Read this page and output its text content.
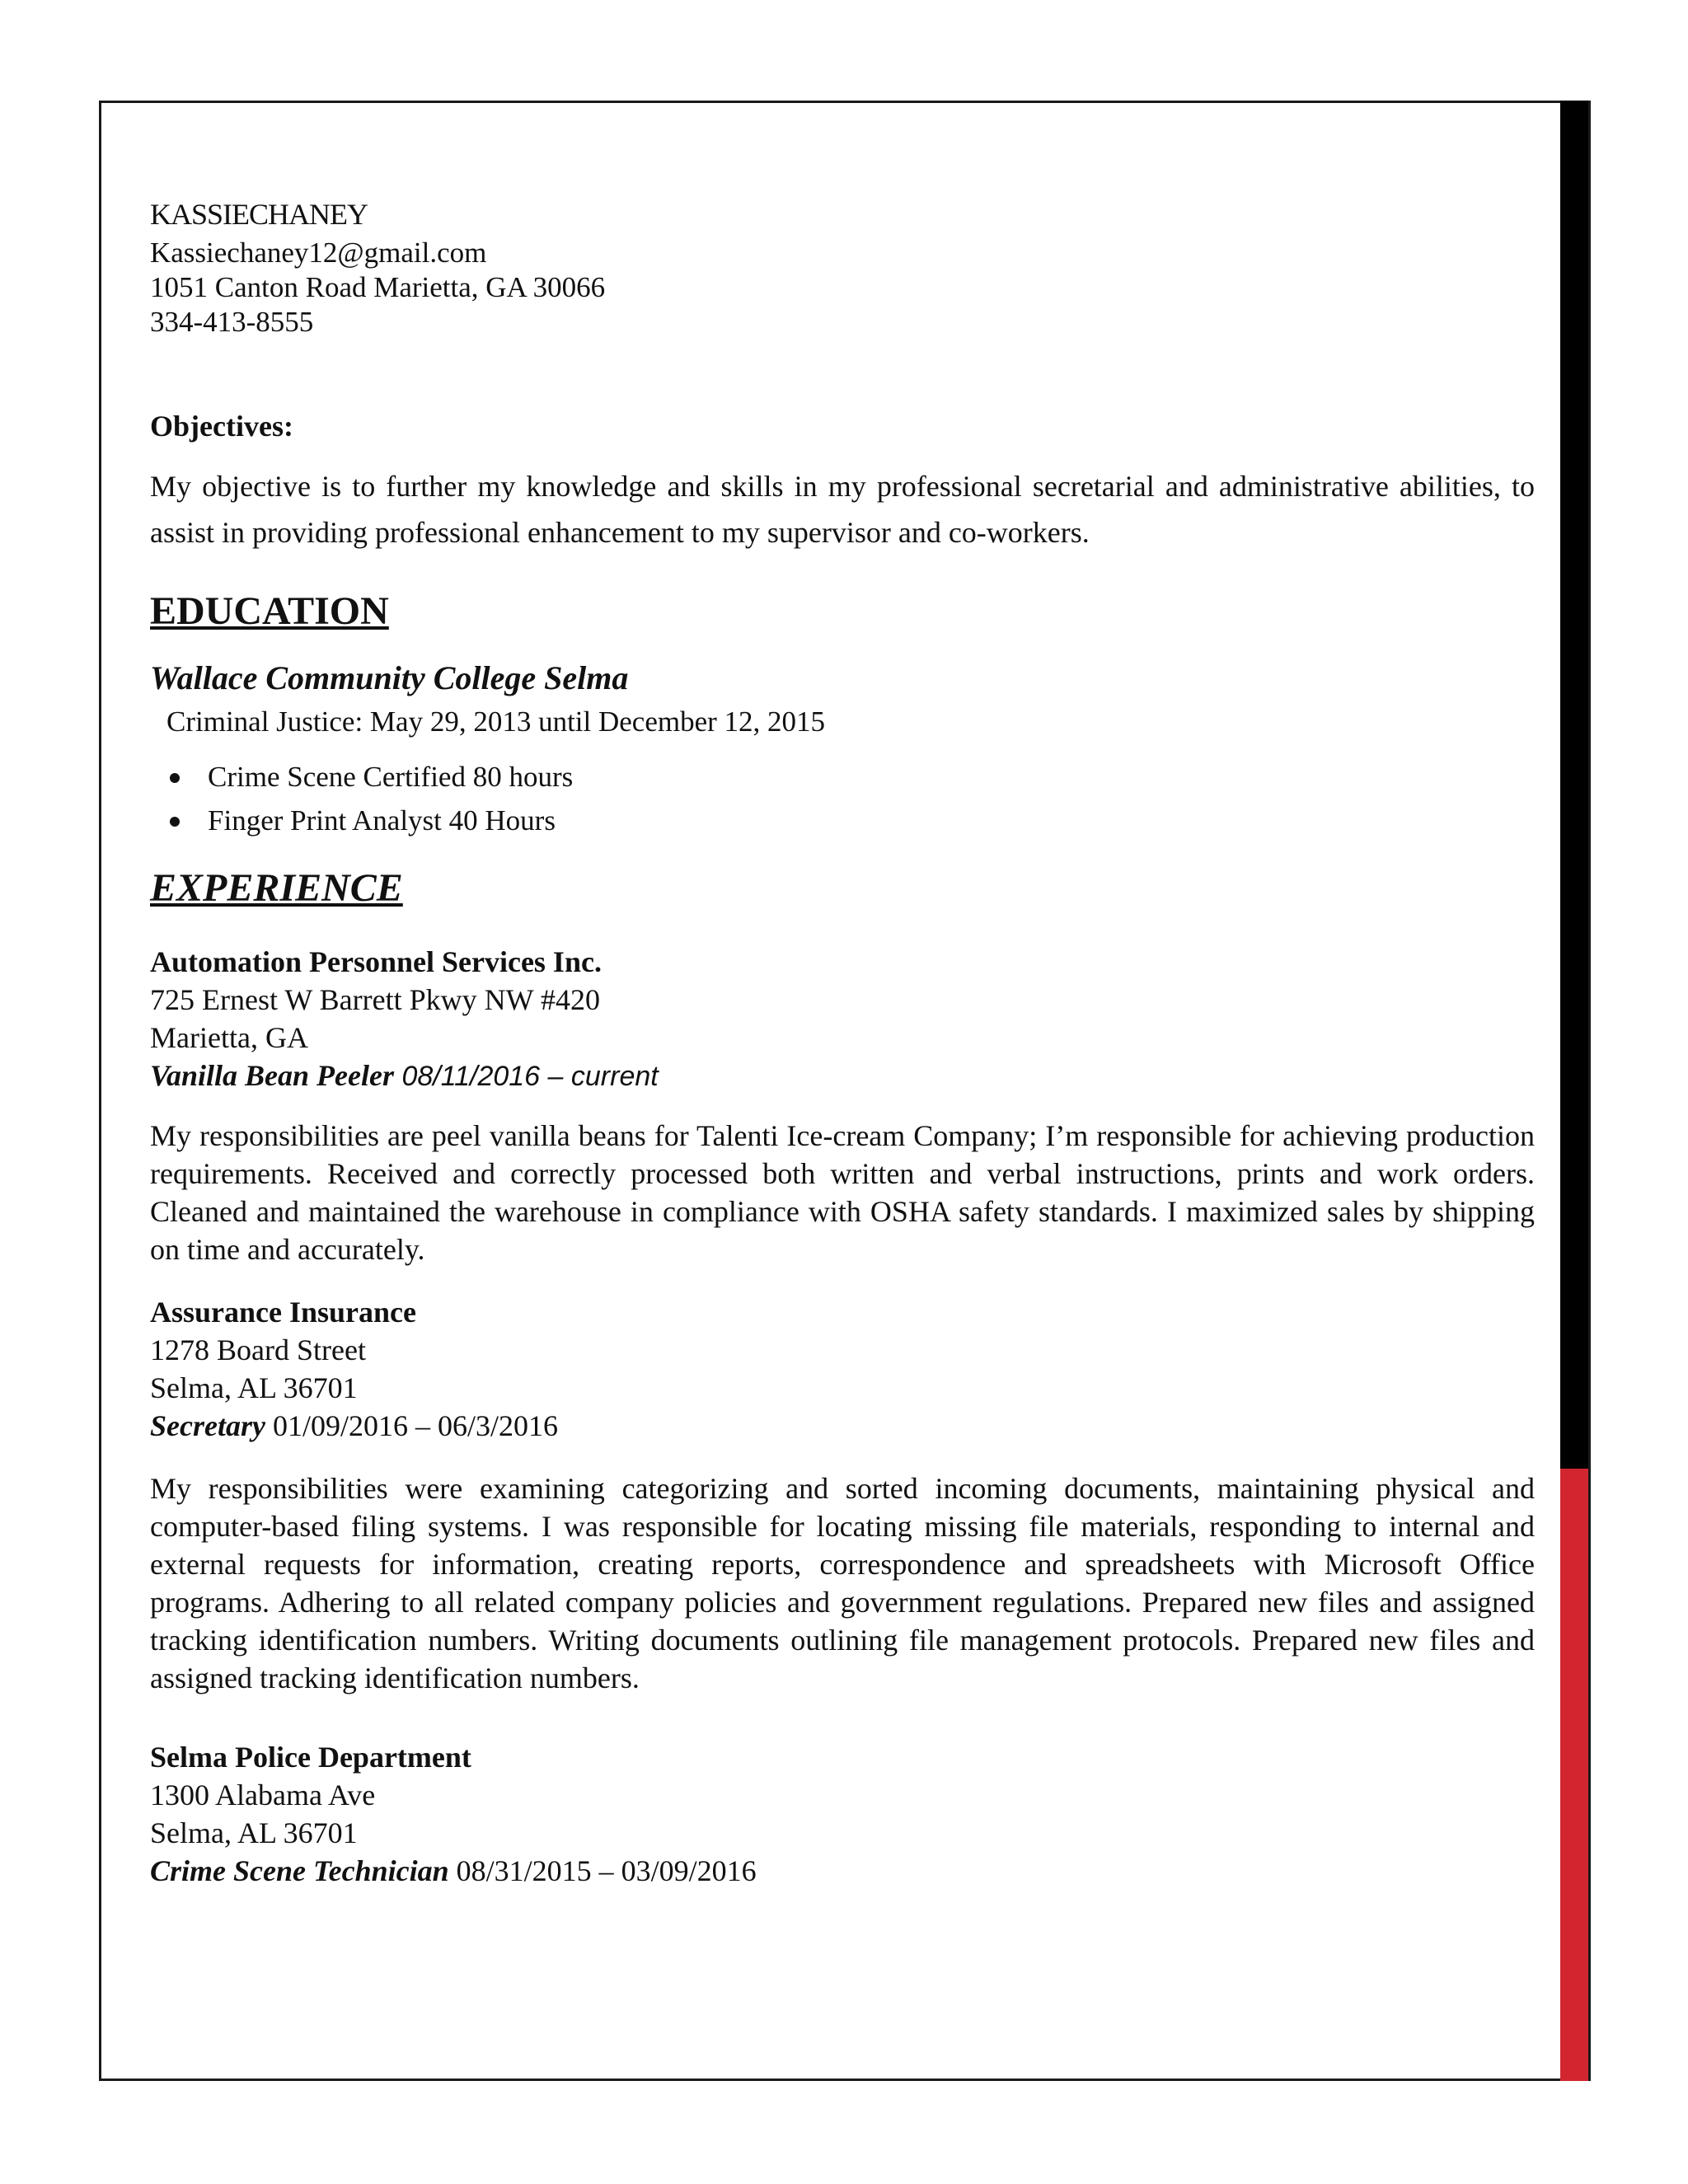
KASSIECHANEY

Kassiechaney12@gmail.com

1051 Canton Road Marietta, GA 30066

334-413-8555

Objectives:

My objective is to further my knowledge and skills in my professional secretarial and administrative abilities, to assist in providing professional enhancement to my supervisor and co-workers.

EDUCATION

Wallace Community College Selma

Criminal Justice: May 29, 2013 until December 12, 2015

Crime Scene Certified 80 hours
Finger Print Analyst 40 Hours

EXPERIENCE

Automation Personnel Services Inc.

725 Ernest W Barrett Pkwy NW #420

Marietta, GA

Vanilla Bean Peeler 08/11/2016 – current

My responsibilities are peel vanilla beans for Talenti Ice-cream Company; I’m responsible for achieving production requirements. Received and correctly processed both written and verbal instructions, prints and work orders. Cleaned and maintained the warehouse in compliance with OSHA safety standards. I maximized sales by shipping on time and accurately.

Assurance Insurance

1278 Board Street

Selma, AL 36701

Secretary 01/09/2016 – 06/3/2016

My responsibilities were examining categorizing and sorted incoming documents, maintaining physical and computer-based filing systems. I was responsible for locating missing file materials, responding to internal and external requests for information, creating reports, correspondence and spreadsheets with Microsoft Office programs. Adhering to all related company policies and government regulations. Prepared new files and assigned tracking identification numbers. Writing documents outlining file management protocols. Prepared new files and assigned tracking identification numbers.

Selma Police Department

1300 Alabama Ave

Selma, AL 36701

Crime Scene Technician 08/31/2015 – 03/09/2016
